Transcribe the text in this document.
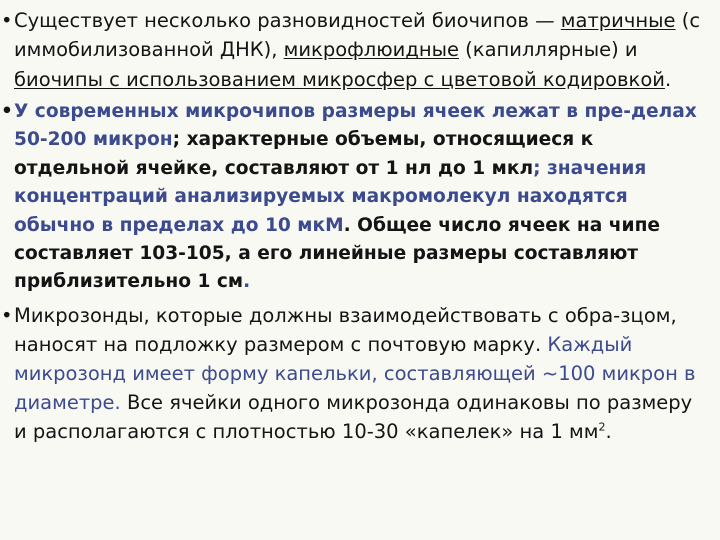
• Существует несколько разновидностей биочипов — матричные (с иммобилизованной ДНК), микрофлюидные (капиллярные) и биочипы с использованием микросфер с цветовой кодировкой.
• У современных микрочипов размеры ячеек лежат в пре-делах 50-200 микрон; характерные объемы, относящиеся к отдельной ячейке, составляют от 1 нл до 1 мкл; значения концентраций анализируемых макромолекул находятся обычно в пределах до 10 мкМ. Общее число ячеек на чипе составляет 103-105, а его линейные размеры составляют приблизительно 1 см.
• Микрозонды, которые должны взаимодействовать с обра-зцом, наносят на подложку размером с почтовую марку. Каждый микрозонд имеет форму капельки, составляющей ~100 микрон в диаметре. Все ячейки одного микрозонда одинаковы по размеру и располагаются с плотностью 10-30 «капелек» на 1 $мм^2$.
